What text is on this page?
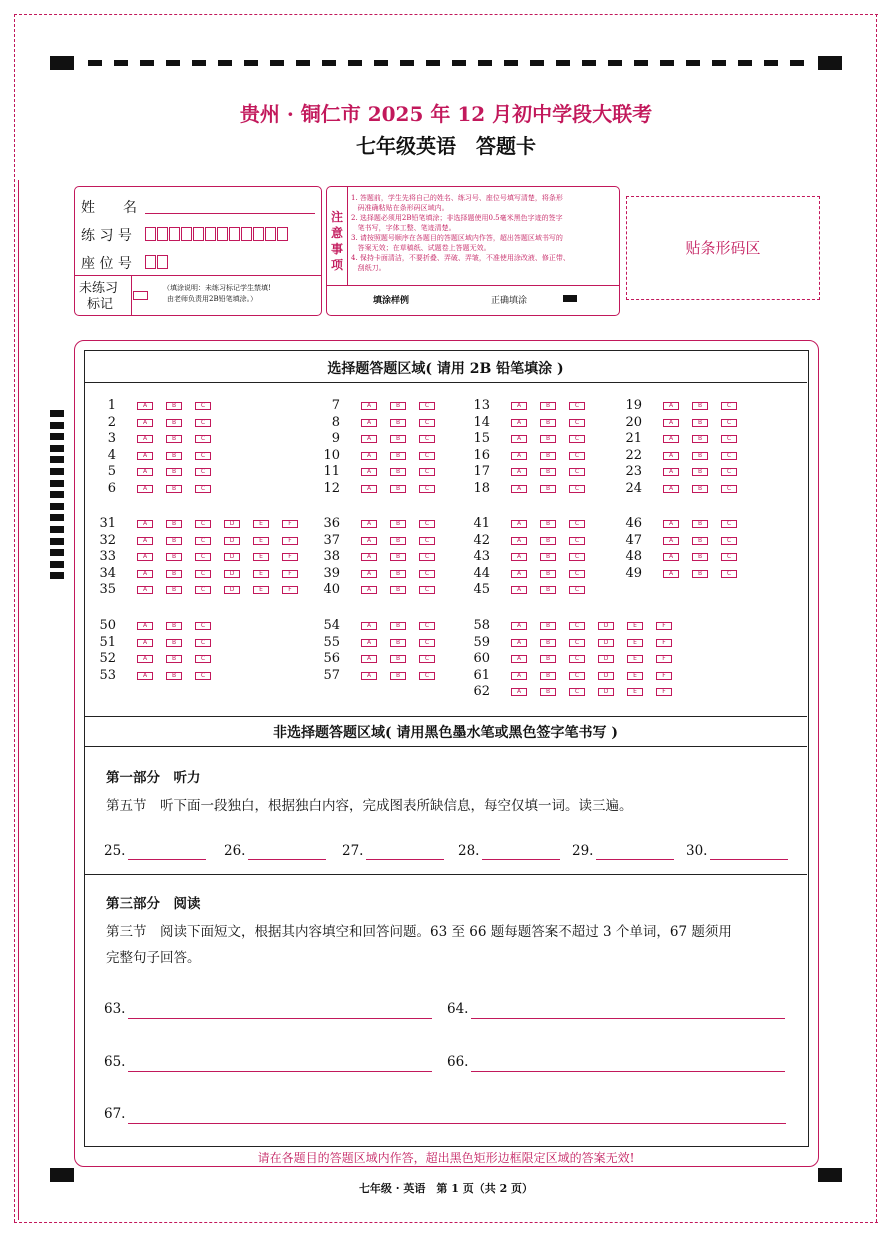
贵州 · 铜仁市 2025 年 12 月初中学段大联考
七年级英语　答题卡
姓　　名
练 习 号
座 位 号
未练习
标记
（填涂说明：未练习标记学生禁填!
由老师负责用2B铅笔填涂。）
注
意
事
项
1. 答题前，学生先将自己的姓名、练习号、座位号填写清楚，将条形
码准确粘贴在条形码区域内。
2. 选择题必须用2B铅笔填涂；非选择题使用0.5毫米黑色字迹的签字
笔书写，字体工整、笔迹清楚。
3. 请按照题号顺序在各题目的答题区域内作答，超出答题区域书写的
答案无效；在草稿纸、试题卷上答题无效。
4. 保持卡面清洁，不要折叠、弄破、弄皱，不准使用涂改液、修正带、
刮纸刀。
填涂样例	正确填涂
贴条形码区
选择题答题区域( 请用 2B 铅笔填涂 )
非选择题答题区域( 请用黑色墨水笔或黑色签字笔书写 )
第一部分　听力
第五节　听下面一段独白，根据独白内容，完成图表所缺信息，每空仅填一词。读三遍。
第三部分　阅读
第三节　阅读下面短文，根据其内容填空和回答问题。63 至 66 题每题答案不超过 3 个单词，67 题须用
完整句子回答。
请在各题目的答题区域内作答，超出黑色矩形边框限定区域的答案无效!
七年级 · 英语　第 1 页（共 2 页）
1	A	B	C
2	A	B	C
3	A	B	C
4	A	B	C
5	A	B	C
6	A	B	C
7	A	B	C
8	A	B	C
9	A	B	C
10	A	B	C
11	A	B	C
12	A	B	C
13	A	B	C
14	A	B	C
15	A	B	C
16	A	B	C
17	A	B	C
18	A	B	C
19	A	B	C
20	A	B	C
21	A	B	C
22	A	B	C
23	A	B	C
24	A	B	C
31	A	B	C	D	E	F
32	A	B	C	D	E	F
33	A	B	C	D	E	F
34	A	B	C	D	E	F
35	A	B	C	D	E	F
36	A	B	C
37	A	B	C
38	A	B	C
39	A	B	C
40	A	B	C
41	A	B	C
42	A	B	C
43	A	B	C
44	A	B	C
45	A	B	C
46	A	B	C
47	A	B	C
48	A	B	C
49	A	B	C
50	A	B	C
51	A	B	C
52	A	B	C
53	A	B	C
54	A	B	C
55	A	B	C
56	A	B	C
57	A	B	C
58	A	B	C	D	E	F
59	A	B	C	D	E	F
60	A	B	C	D	E	F
61	A	B	C	D	E	F
62	A	B	C	D	E	F
25.	26.	27.	28.	29.	30.
63.	64.
65.	66.
67.
